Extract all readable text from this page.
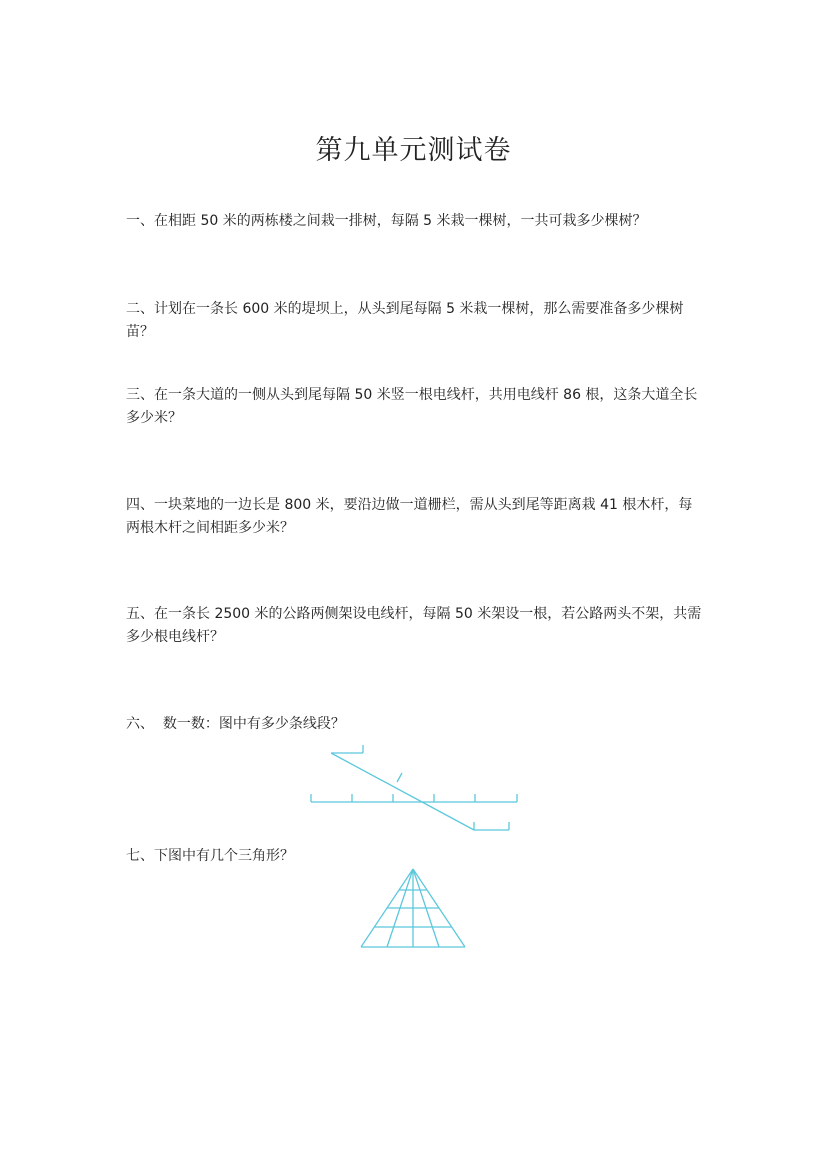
第九单元测试卷
一、在相距 50 米的两栋楼之间栽一排树，每隔 5 米栽一棵树，一共可栽多少棵树？
二、计划在一条长 600 米的堤坝上，从头到尾每隔 5 米栽一棵树，那么需要准备多少棵树苗？
三、在一条大道的一侧从头到尾每隔 50 米竖一根电线杆，共用电线杆 86 根，这条大道全长多少米？
四、一块菜地的一边长是 800 米，要沿边做一道栅栏，需从头到尾等距离栽 41 根木杆，每两根木杆之间相距多少米？
五、在一条长 2500 米的公路两侧架设电线杆，每隔 50 米架设一根，若公路两头不架，共需多少根电线杆？
六、  数一数：图中有多少条线段？
七、下图中有几个三角形？
